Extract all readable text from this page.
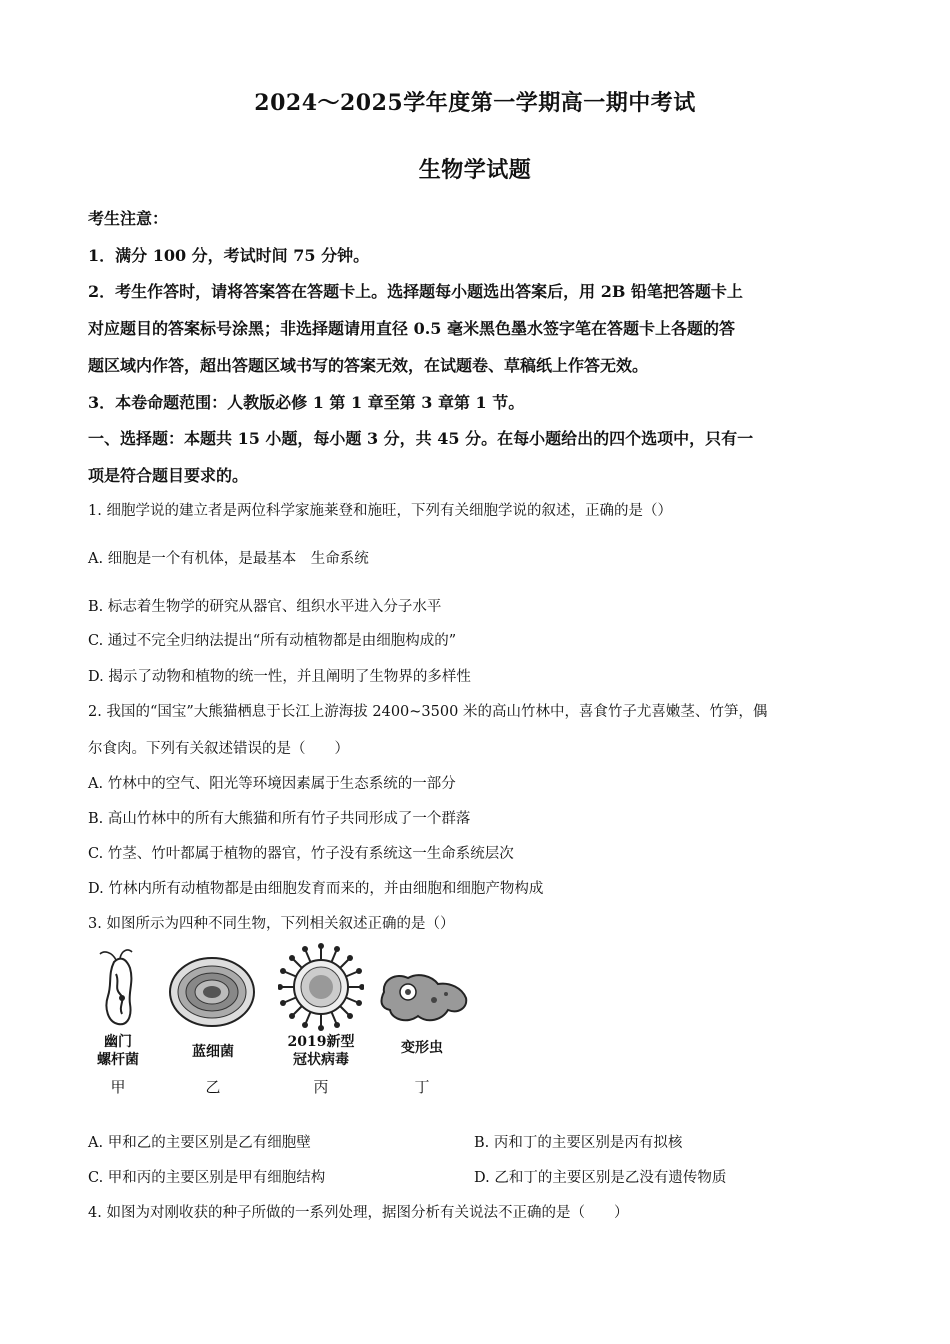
2024～2025学年度第一学期高一期中考试
生物学试题
考生注意：
1．满分 100 分，考试时间 75 分钟。
2．考生作答时，请将答案答在答题卡上。选择题每小题选出答案后，用 2B 铅笔把答题卡上
对应题目的答案标号涂黑；非选择题请用直径 0.5 毫米黑色墨水签字笔在答题卡上各题的答
题区域内作答，超出答题区域书写的答案无效，在试题卷、草稿纸上作答无效。
3．本卷命题范围：人教版必修 1 第 1 章至第 3 章第 1 节。
一、选择题：本题共 15 小题，每小题 3 分，共 45 分。在每小题给出的四个选项中，只有一
项是符合题目要求的。
1. 细胞学说的建立者是两位科学家施莱登和施旺，下列有关细胞学说的叙述，正确的是（）
A. 细胞是一个有机体，是最基本　生命系统
B. 标志着生物学的研究从器官、组织水平进入分子水平
C. 通过不完全归纳法提出“所有动植物都是由细胞构成的”
D. 揭示了动物和植物的统一性，并且阐明了生物界的多样性
2. 我国的“国宝”大熊猫栖息于长江上游海拔 2400~3500 米的高山竹林中，喜食竹子尤喜嫩茎、竹笋，偶
尔食肉。下列有关叙述错误的是（　　）
A. 竹林中的空气、阳光等环境因素属于生态系统的一部分
B. 高山竹林中的所有大熊猫和所有竹子共同形成了一个群落
C. 竹茎、竹叶都属于植物的器官，竹子没有系统这一生命系统层次
D. 竹林内所有动植物都是由细胞发育而来的，并由细胞和细胞产物构成
3. 如图所示为四种不同生物，下列相关叙述正确的是（）
幽门
螺杆菌
甲
蓝细菌
乙
2019新型
冠状病毒
丙
变形虫
丁
A. 甲和乙的主要区别是乙有细胞壁	B. 丙和丁的主要区别是丙有拟核
C. 甲和丙的主要区别是甲有细胞结构	D. 乙和丁的主要区别是乙没有遗传物质
4. 如图为对刚收获的种子所做的一系列处理，据图分析有关说法不正确的是（　　）
